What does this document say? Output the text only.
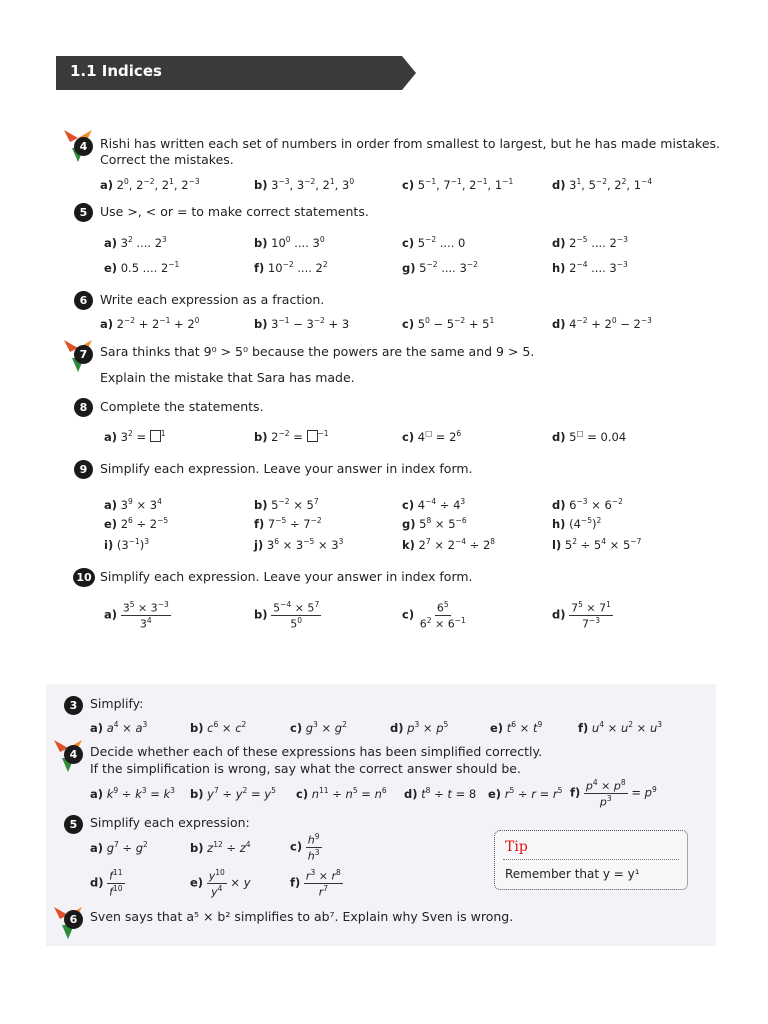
1.1 Indices
4	Rishi has written each set of numbers in order from smallest to largest, but he has made mistakes.
Correct the mistakes.
a) $2^0$, $2^{-2}$, $2^1$, $2^{-3}$	b) $3^{-3}$, $3^{-2}$, $2^1$, $3^0$	c) $5^{-1}$, $7^{-1}$, $2^{-1}$, $1^{-1}$	d) $3^1$, $5^{-2}$, $2^2$, $1^{-4}$
5	Use >, < or = to make correct statements.
a) $3^2$ .... $2^3$	b) $10^0$ .... $3^0$	c) $5^{-2}$ .... 0	d) $2^{-5}$ .... $2^{-3}$
e) 0.5 .... $2^{-1}$	f) $10^{-2}$ .... $2^2$	g) $5^{-2}$ .... $3^{-2}$	h) $2^{-4}$ .... $3^{-3}$
6	Write each expression as a fraction.
a) $2^{-2} + 2^{-1} + 2^0$	b) $3^{-1} - 3^{-2} + 3$	c) $5^0 - 5^{-2} + 5^1$	d) $4^{-2} + 2^0 - 2^{-3}$
7	Sara thinks that 9⁰ > 5⁰ because the powers are the same and 9 > 5.
Explain the mistake that Sara has made.
8	Complete the statements.
a) $3^2 = ^1$	b) $2^{-2} = ^{-1}$	c) $4^□ = 2^6$	d) 5□ = 0.04
9	Simplify each expression. Leave your answer in index form.
a) $3^9 \times 3^4$	b) $5^{-2} \times 5^7$	c) $4^{-4} \div 4^3$	d) $6^{-3} \times 6^{-2}$
e) $2^6 \div 2^{-5}$	f) $7^{-5} \div 7^{-2}$	g) $5^8 \times 5^{-6}$	h) $(4^{-5})^2$
i) $(3^{-1})^3$	j) $3^6 \times 3^{-5} \times 3^3$	k) $2^7 \times 2^{-4} \div 2^8$	l) $5^2 \div 5^4 \times 5^{-7}$
10 Simplify each expression. Leave your answer in index form.
$a) \frac{3^5 \times 3^{-3}}{3^4}$	$b) \frac{5^{-4} \times 5^7}{5^0}$	$c) \frac{6^5}{6^2 \times 6^{-1}}$	$d) \frac{7^5 \times 7^1}{7^{-3}}$
3	Simplify:
a) $a^4 \times a^3$	b) $c^6 \times c^2$	c) $g^3 \times g^2$	d) $p^3 \times p^5$	e) $t^6 \times t^9$	f) $u^4 \times u^2 \times u^3$
4	Decide whether each of these expressions has been simplified correctly.
If the simplification is wrong, say what the correct answer should be.
a) $k^9 \div k^3 = k^3$ b) $y^7 \div y^2 = y^5$ c) $n^{11} \div n^5 = n^6$ d) $t^8 \div t = 8$ e) $r^5 \div r = r^5$ $f) \frac{p^4 \times p^8}{p^3} = p^9$
5	Simplify each expression:
a) $g^7 \div g^2$	b) $z^{12} \div z^4$	$c) \frac{h^9}{h^3}$
$d) \frac{f^{11}}{f^{10}}$	$e) \frac{y^{10}}{y^4} \times y$	$f) \frac{r^3 \times r^8}{r^7}$
Tip
Remember that y = y¹
6	Sven says that a⁵ × b² simplifies to ab⁷. Explain why Sven is wrong.
